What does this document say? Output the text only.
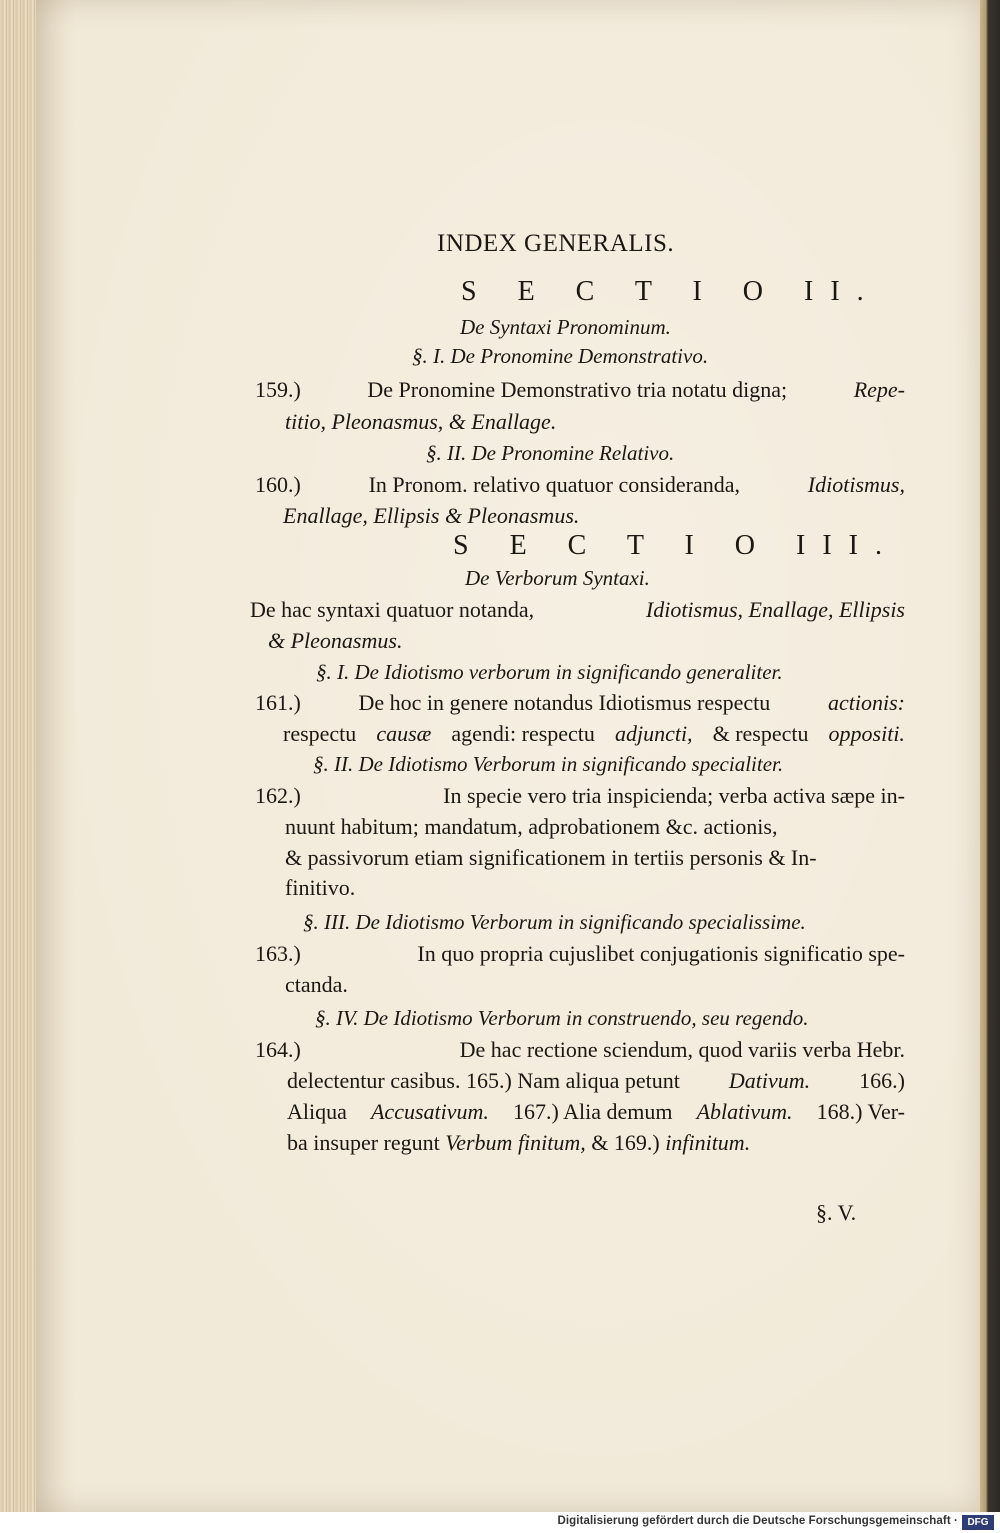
INDEX GENERALIS.
S E C T I O II.
De Syntaxi Pronominum.
§. I. De Pronomine Demonstrativo.
159.)	De Pronomine Demonstrativo tria notatu digna;	Repe-
titio, Pleonasmus, & Enallage.
§. II. De Pronomine Relativo.
160.)	In Pronom. relativo quatuor consideranda,	Idiotismus,
Enallage, Ellipsis & Pleonasmus.
S E C T I O III.
De Verborum Syntaxi.
De hac syntaxi quatuor notanda,	Idiotismus, Enallage, Ellipsis
& Pleonasmus.
§. I. De Idiotismo verborum in significando generaliter.
161.)	De hoc in genere notandus Idiotismus respectu	actionis:
respectu causæ agendi: respectu adjuncti, & respectu oppositi.
§. II. De Idiotismo Verborum in significando specialiter.
162.)	In specie vero tria inspicienda; verba activa sæpe in-
nuunt habitum; mandatum, adprobationem &c. actionis,
& passivorum etiam significationem in tertiis personis & In-
finitivo.
§. III. De Idiotismo Verborum in significando specialissime.
163.)	In quo propria cujuslibet conjugationis significatio spe-
ctanda.
§. IV. De Idiotismo Verborum in construendo, seu regendo.
164.)	De hac rectione sciendum, quod variis verba Hebr.
delectentur casibus. 165.) Nam aliqua petunt Dativum. 166.)
Aliqua Accusativum. 167.) Alia demum Ablativum. 168.) Ver-
ba insuper regunt Verbum finitum, & 169.) infinitum.
§. V.
Digitalisierung gefördert durch die Deutsche Forschungsgemeinschaft · DFG
